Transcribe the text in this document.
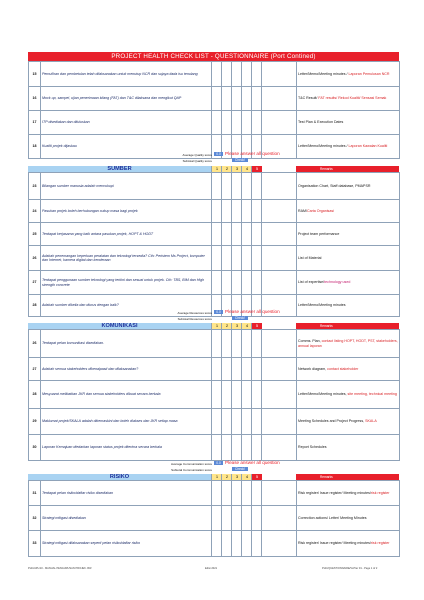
PROJECT HEALTH CHECK LIST - QUESTIONNAIRE (Port Contined)
15	Pemulihan dan pembetulan telah dilaksanakan untuk menutup NCR dan sujaya tiada isu tenulang							Letter/Memo/Meeting minutes / Laporan Pemulusan NCR
16	Mock up, sampel, ujian penerimaan kilang (FAT) dan T&C dilaksana dan mengikut QAP							T&C Result/ FAT results/ Rekod Kualiti/ Sensasi Semak
17	ITP disediakan dan diluluskan							Test Plan & Execution Dates
18	Kualiti projek dijaskau							Letter/Memo/Meeting minutes / Laporan Kawalan Kualiti
Average Quality score	0.0 Please answer all question
Subtotal Quality score	Check!
SUMBER	1	2	3	4	5	Remarks
23	Bilangan sumber manusia adalah mencukupi							Organisation Chart, Staff database, PMAPSR
24	Pasukan projek boleh berhubungan cukup masa bagi projek							RAM/Carta Organisasi
25	Terdapat kerjasama yang baik antara pasukan projek, HOPT & HODT							Project team performance
26	Adakah penemangan keperluan peralatan dan teknologi tersedia? Cth: Peristem Ms Project, komputer dan Internet, kamera digital dan kenderaan							List of Material
27	Terdapat penggunaan sumber teknologi yang terkini dan sesuai untuk projek. Cth: TBS, BIM dan High strength concrete							List of expertise/technology used
28	Adakah sumber dikelia dan diurus dengan baik?							Letter/Memo/Meeting minutes
Average Resources score	0.0 Please answer all question
Subtotal Resources score	Check!
KOMUNIKASI	1	2	3	4	5	Remarks
26	Terdapat pelan komunikasi disediakan.							Comms. Plan, contact listing HOPT, HODT, PST, stakeholders, annual laporan
27	Adakah semua stakeholders dikenalpasti dan dilaksanakan?							Network diagram, contact stakeholder
28	Mesyuarat melibatkan JKR dan semua stakeholders dibuat secara berkala							Letter/Memo/Meeting minutes, site meeting, technical meeting
29	Maklumat projek/SKALA adalah dikemaskini dan boleh diakses dan JKR setiap masa							Meeting Schedules and Project Progress, SKALA
30	Laporan Kemajuan diedarkan laporan status projek diterima secara berkala							Report Schedules
Average Communication score	0.0 Please answer all question
Subtotal Communication score	Check!
RISIKO	1	2	3	4	5	Remarks
31	Terdapat pelan risiko/daftar risiko disediakan							Risk register/ Issue register/ Meeting minutes/risk register
32	Strategi mitigasi disediakan							Correction actions/ Letter/ Meeting Minutes
33	Strategi mitigasi dilaksanakan seperti pelan risiko/daftar risiko							Risk register/ Issue register/ Meeting minutes/risk register
PHC/APL/10 - MANUAL PENGURUSAN PROJEK JKR	Edisi 2021	PHC/QUESTIONNAIRE/V2/Ver 01 - Page 1 of 2
